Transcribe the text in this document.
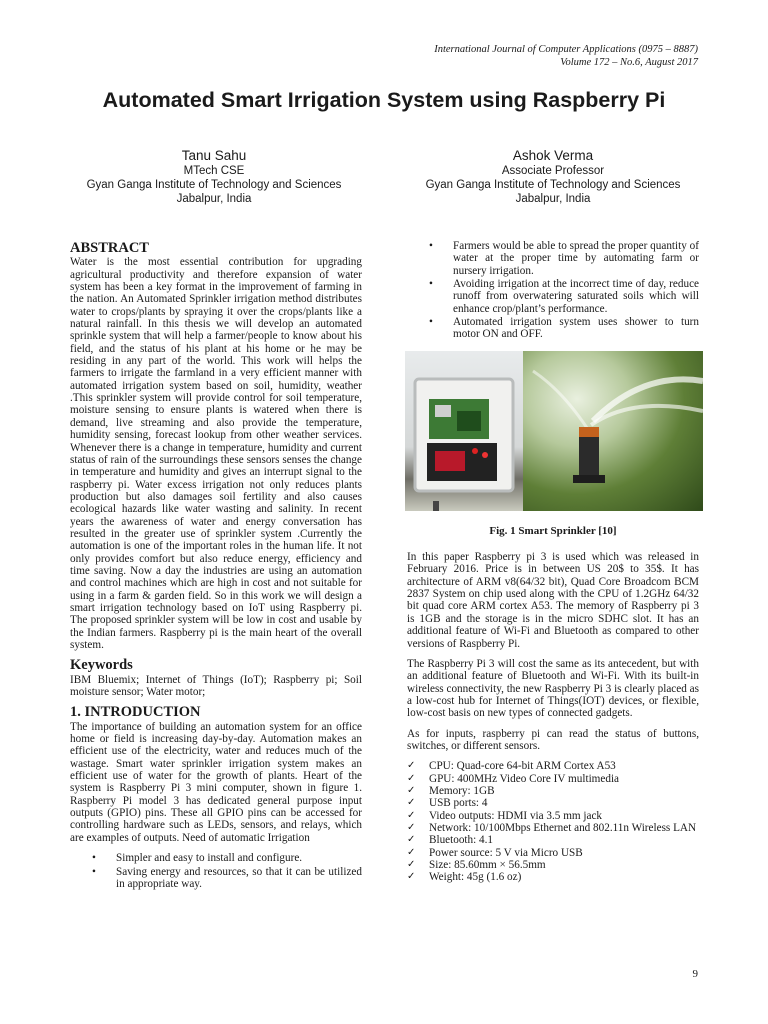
International Journal of Computer Applications (0975 – 8887)
Volume 172 – No.6, August 2017
Automated Smart Irrigation System using Raspberry Pi
Tanu Sahu
MTech CSE
Gyan Ganga Institute of Technology and Sciences
Jabalpur, India
Ashok Verma
Associate Professor
Gyan Ganga Institute of Technology and Sciences
Jabalpur, India
ABSTRACT

Water is the most essential contribution for upgrading agricultural productivity and therefore expansion of water system has been a key format in the improvement of farming in the nation. An Automated Sprinkler irrigation method distributes water to crops/plants by spraying it over the crops/plants like a natural rainfall. In this thesis we will develop an automated sprinkle system that will help a farmer/people to know about his field, and the status of his plant at his home or he may be residing in any part of the world. This work will helps the farmers to irrigate the farmland in a very efficient manner with automated irrigation system based on soil, humidity, weather .This sprinkler system will provide control for soil temperature, moisture sensing to ensure plants is watered when there is demand, live streaming and also provide the temperature, humidity sensing, forecast lookup from other weather services. Whenever there is a change in temperature, humidity and current status of rain of the surroundings these sensors senses the change in temperature and humidity and gives an interrupt signal to the raspberry pi. Water excess irrigation not only reduces plants production but also damages soil fertility and also causes ecological hazards like water wasting and salinity. In recent years the awareness of water and energy conversation has resulted in the greater use of sprinkler system .Currently the automation is one of the important roles in the human life. It not only provides comfort but also reduce energy, efficiency and time saving. Now a day the industries are using an automation and control machines which are high in cost and not suitable for using in a farm & garden field. So in this work we will design a smart irrigation technology based on IoT using Raspberry pi. The proposed sprinkler system will be low in cost and usable by the Indian farmers. Raspberry pi is the main heart of the overall system.

Keywords

IBM Bluemix; Internet of Things (IoT); Raspberry pi; Soil moisture sensor; Water motor;

1. INTRODUCTION

The importance of building an automation system for an office home or field is increasing day-by-day. Automation makes an efficient use of the electricity, water and reduces much of the wastage. Smart water sprinkler irrigation system makes an efficient use of water for the growth of plants. Heart of the system is Raspberry Pi 3 mini computer, shown in figure 1. Raspberry Pi model 3 has dedicated general purpose input outputs (GPIO) pins. These all GPIO pins can be accessed for controlling hardware such as LEDs, sensors, and relays, which are examples of outputs. Need of automatic Irrigation

• Simpler and easy to install and configure.
• Saving energy and resources, so that it can be utilized in appropriate way.
• Farmers would be able to spread the proper quantity of water at the proper time by automating farm or nursery irrigation.
• Avoiding irrigation at the incorrect time of day, reduce runoff from overwatering saturated soils which will enhance crop/plant’s performance.
• Automated irrigation system uses shower to turn motor ON and OFF.
Fig. 1 Smart Sprinkler [10]

In this paper Raspberry pi 3 is used which was released in February 2016. Price is in between US 20$ to 35$. It has architecture of ARM v8(64/32 bit), Quad Core Broadcom BCM 2837 System on chip used along with the CPU of 1.2GHz 64/32 bit quad core ARM cortex A53. The memory of Raspberry pi 3 is 1GB and the storage is in the micro SDHC slot. It has an additional feature of Wi-Fi and Bluetooth as compared to other versions of Raspberry Pi.

The Raspberry Pi 3 will cost the same as its antecedent, but with an additional feature of Bluetooth and Wi-Fi. With its built-in wireless connectivity, the new Raspberry Pi 3 is clearly placed as a low-cost hub for Internet of Things(IOT) devices, or flexible, low-cost basis on new types of connected gadgets.

As for inputs, raspberry pi can read the status of buttons, switches, or different sensors.

✓ CPU: Quad-core 64-bit ARM Cortex A53
✓ GPU: 400MHz Video Core IV multimedia
✓ Memory: 1GB
✓ USB ports: 4
✓ Video outputs: HDMI via 3.5 mm jack
✓ Network: 10/100Mbps Ethernet and 802.11n Wireless LAN
✓ Bluetooth: 4.1
✓ Power source: 5 V via Micro USB
✓ Size: 85.60mm × 56.5mm
✓ Weight: 45g (1.6 oz)
9
